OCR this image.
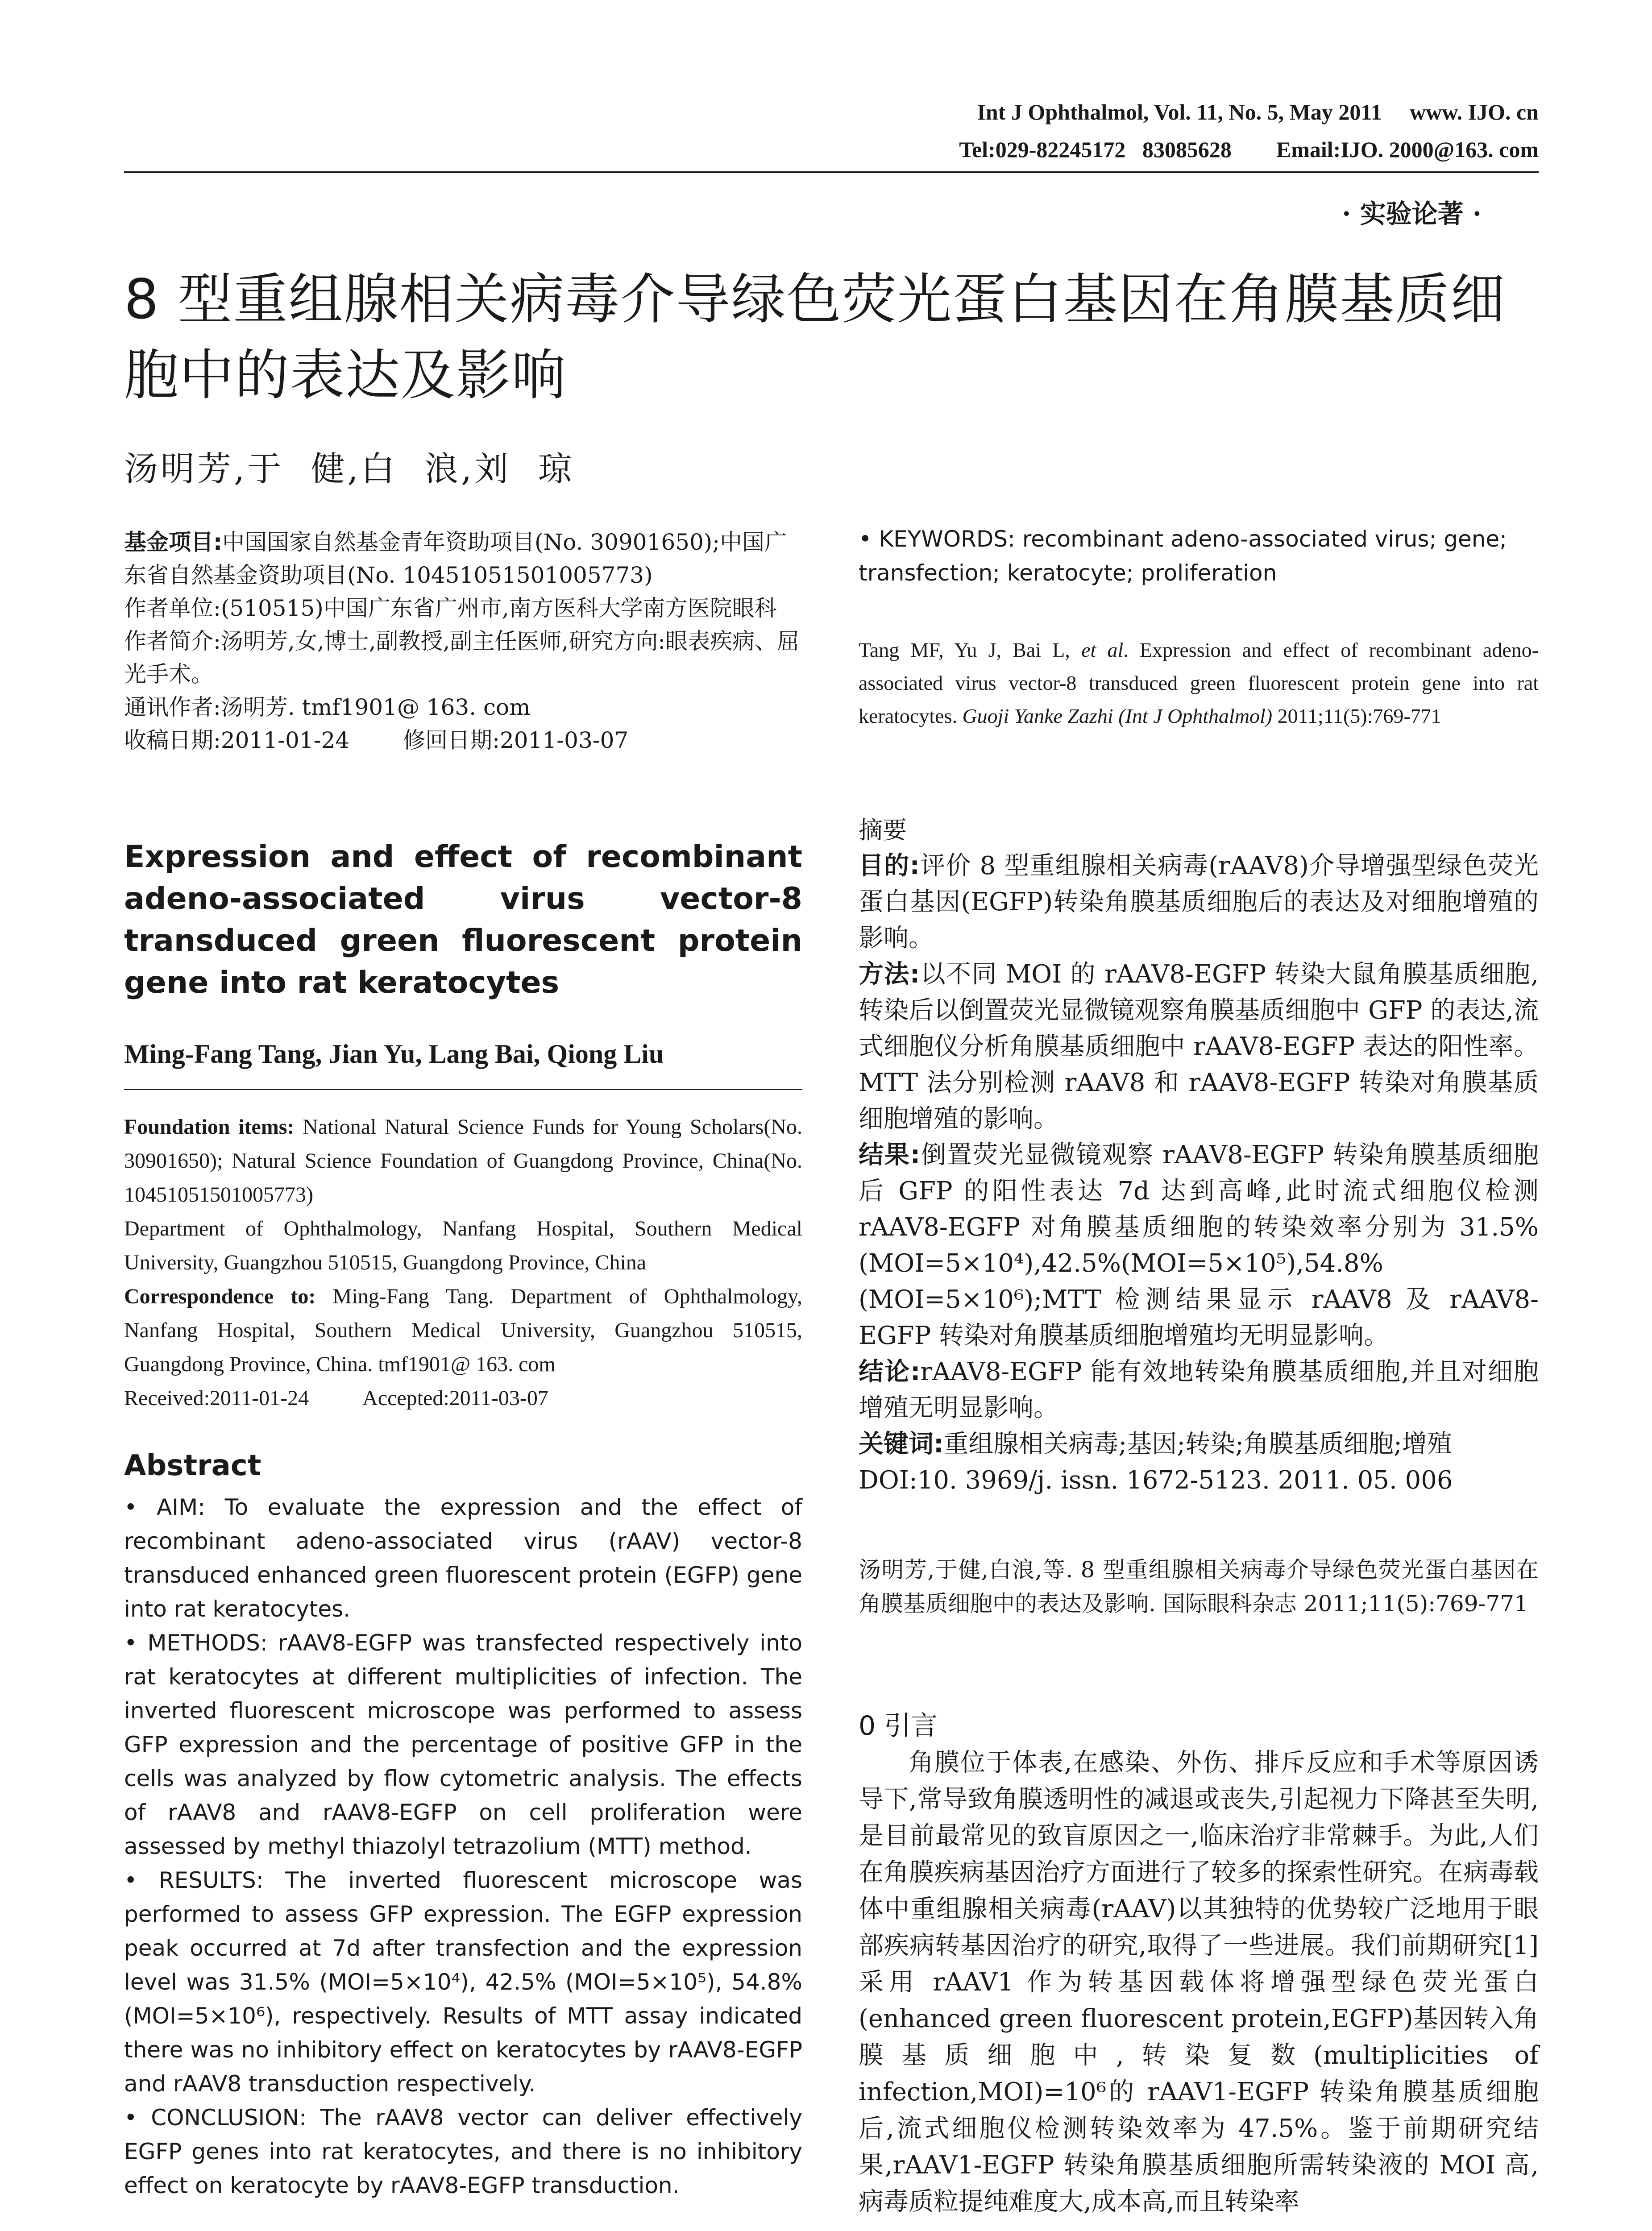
Int J Ophthalmol, Vol. 11, No. 5, May 2011     www. IJO. cn
Tel:029-82245172   83085628        Email:IJO. 2000@163. com
· 实验论著 ·
8 型重组腺相关病毒介导绿色荧光蛋白基因在角膜基质细胞中的表达及影响
汤明芳,于  健,白  浪,刘  琼
基金项目:中国国家自然基金青年资助项目(No. 30901650);中国广东省自然基金资助项目(No. 10451051501005773)
作者单位:(510515)中国广东省广州市,南方医科大学南方医院眼科
作者简介:汤明芳,女,博士,副教授,副主任医师,研究方向:眼表疾病、屈光手术。
通讯作者:汤明芳. tmf1901@ 163. com
收稿日期:2011-01-24 修回日期:2011-03-07
Expression and effect of recombinant adeno-associated virus vector-8 transduced green fluorescent protein gene into rat keratocytes
Ming-Fang Tang, Jian Yu, Lang Bai, Qiong Liu
Foundation items: National Natural Science Funds for Young Scholars(No. 30901650); Natural Science Foundation of Guangdong Province, China(No. 10451051501005773)
Department of Ophthalmology, Nanfang Hospital, Southern Medical University, Guangzhou 510515, Guangdong Province, China
Correspondence to: Ming-Fang Tang. Department of Ophthalmology, Nanfang Hospital, Southern Medical University, Guangzhou 510515, Guangdong Province, China. tmf1901@ 163. com
Received:2011-01-24	Accepted:2011-03-07
Abstract

• AIM: To evaluate the expression and the effect of recombinant adeno-associated virus (rAAV) vector-8 transduced enhanced green fluorescent protein (EGFP) gene into rat keratocytes.

• METHODS: rAAV8-EGFP was transfected respectively into rat keratocytes at different multiplicities of infection. The inverted fluorescent microscope was performed to assess GFP expression and the percentage of positive GFP in the cells was analyzed by flow cytometric analysis. The effects of rAAV8 and rAAV8-EGFP on cell proliferation were assessed by methyl thiazolyl tetrazolium (MTT) method.

• RESULTS: The inverted fluorescent microscope was performed to assess GFP expression. The EGFP expression peak occurred at 7d after transfection and the expression level was 31.5% (MOI=5×10⁴), 42.5% (MOI=5×10⁵), 54.8%(MOI=5×10⁶), respectively. Results of MTT assay indicated there was no inhibitory effect on keratocytes by rAAV8-EGFP and rAAV8 transduction respectively.

• CONCLUSION: The rAAV8 vector can deliver effectively EGFP genes into rat keratocytes, and there is no inhibitory effect on keratocyte by rAAV8-EGFP transduction.

• KEYWORDS: recombinant adeno-associated virus; gene; transfection; keratocyte; proliferation
Tang MF, Yu J, Bai L, et al. Expression and effect of recombinant adeno-associated virus vector-8 transduced green fluorescent protein gene into rat keratocytes. Guoji Yanke Zazhi (Int J Ophthalmol) 2011;11(5):769-771
摘要

目的:评价 8 型重组腺相关病毒(rAAV8)介导增强型绿色荧光蛋白基因(EGFP)转染角膜基质细胞后的表达及对细胞增殖的影响。

方法:以不同 MOI 的 rAAV8-EGFP 转染大鼠角膜基质细胞,转染后以倒置荧光显微镜观察角膜基质细胞中 GFP 的表达,流式细胞仪分析角膜基质细胞中 rAAV8-EGFP 表达的阳性率。MTT 法分别检测 rAAV8 和 rAAV8-EGFP 转染对角膜基质细胞增殖的影响。

结果:倒置荧光显微镜观察 rAAV8-EGFP 转染角膜基质细胞后 GFP 的阳性表达 7d 达到高峰,此时流式细胞仪检测 rAAV8-EGFP 对角膜基质细胞的转染效率分别为 31.5% (MOI=5×10⁴),42.5%(MOI=5×10⁵),54.8%(MOI=5×10⁶);MTT 检测结果显示 rAAV8 及 rAAV8-EGFP 转染对角膜基质细胞增殖均无明显影响。

结论:rAAV8-EGFP 能有效地转染角膜基质细胞,并且对细胞增殖无明显影响。

关键词:重组腺相关病毒;基因;转染;角膜基质细胞;增殖

DOI:10. 3969/j. issn. 1672-5123. 2011. 05. 006

汤明芳,于健,白浪,等. 8 型重组腺相关病毒介导绿色荧光蛋白基因在角膜基质细胞中的表达及影响. 国际眼科杂志 2011;11(5):769-771
0 引言
角膜位于体表,在感染、外伤、排斥反应和手术等原因诱导下,常导致角膜透明性的减退或丧失,引起视力下降甚至失明,是目前最常见的致盲原因之一,临床治疗非常棘手。为此,人们在角膜疾病基因治疗方面进行了较多的探索性研究。在病毒载体中重组腺相关病毒(rAAV)以其独特的优势较广泛地用于眼部疾病转基因治疗的研究,取得了一些进展。我们前期研究[1] 采用 rAAV1 作为转基因载体将增强型绿色荧光蛋白(enhanced green fluorescent protein,EGFP)基因转入角膜基质细胞中,转染复数(multiplicities of infection,MOI)=10⁶的 rAAV1-EGFP 转染角膜基质细胞后,流式细胞仪检测转染效率为 47.5%。鉴于前期研究结果,rAAV1-EGFP 转染角膜基质细胞所需转染液的 MOI 高,病毒质粒提纯难度大,成本高,而且转染率
